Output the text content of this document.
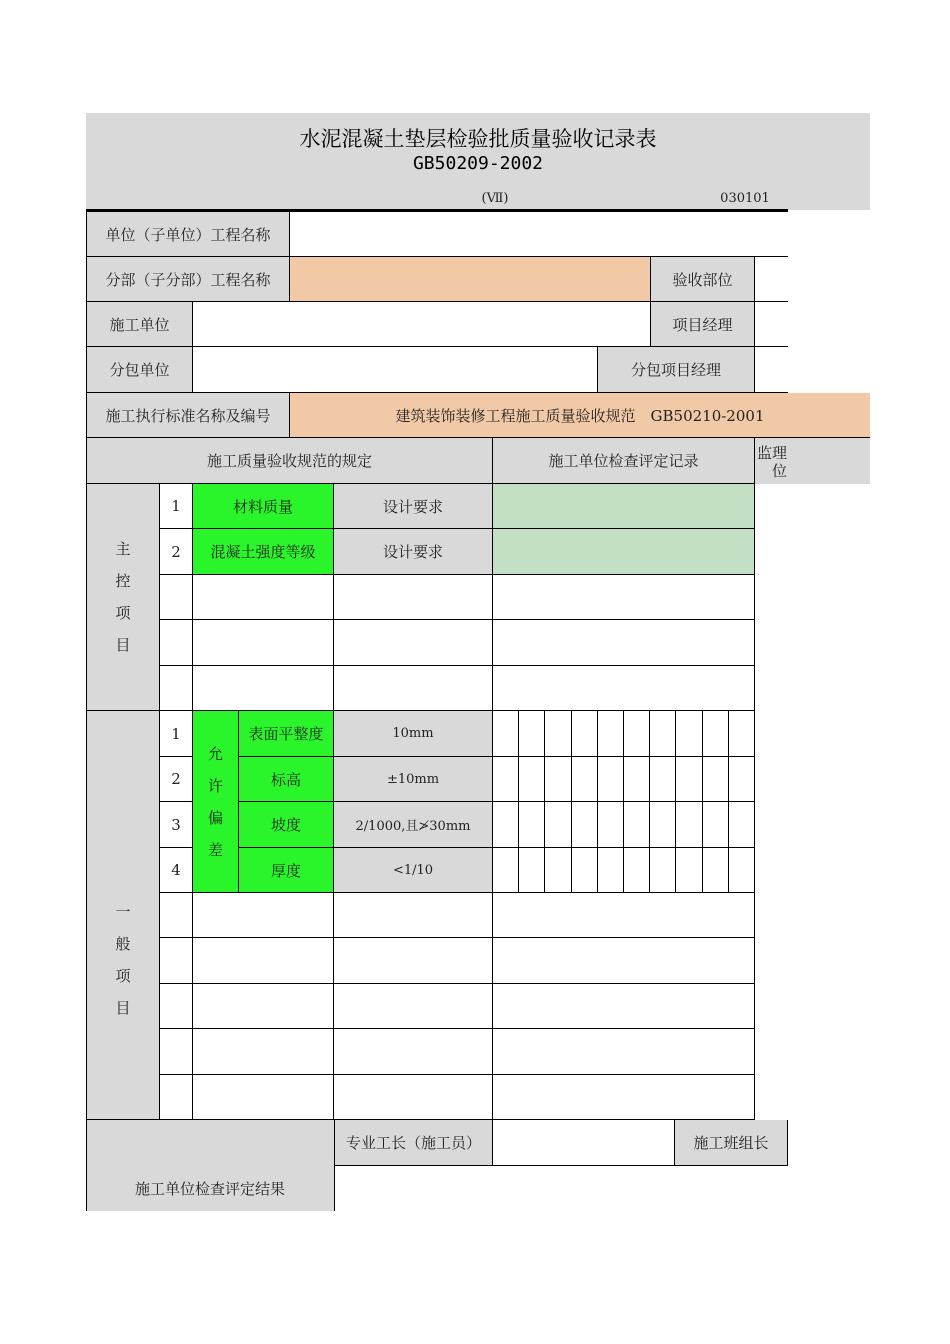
水泥混凝土垫层检验批质量验收记录表
GB50209-2002
(Ⅶ)	030101
单位（子单位）工程名称
分部（子分部）工程名称	验收部位
施工单位	项目经理
分包单位	分包项目经理
施工执行标准名称及编号	建筑装饰装修工程施工质量验收规范　GB50210-2001
施工质量验收规范的规定	施工单位检查评定记录	监理
位
主
控
项
目
1	材料质量	设计要求
2	混凝土强度等级	设计要求
一
般
项
目
允
许
偏
差
1	表面平整度	10mm
2	标高	±10mm
3	坡度	2/1000,且≯30mm
4	厚度	<1/10
施工单位检查评定结果
专业工长（施工员）	施工班组长
